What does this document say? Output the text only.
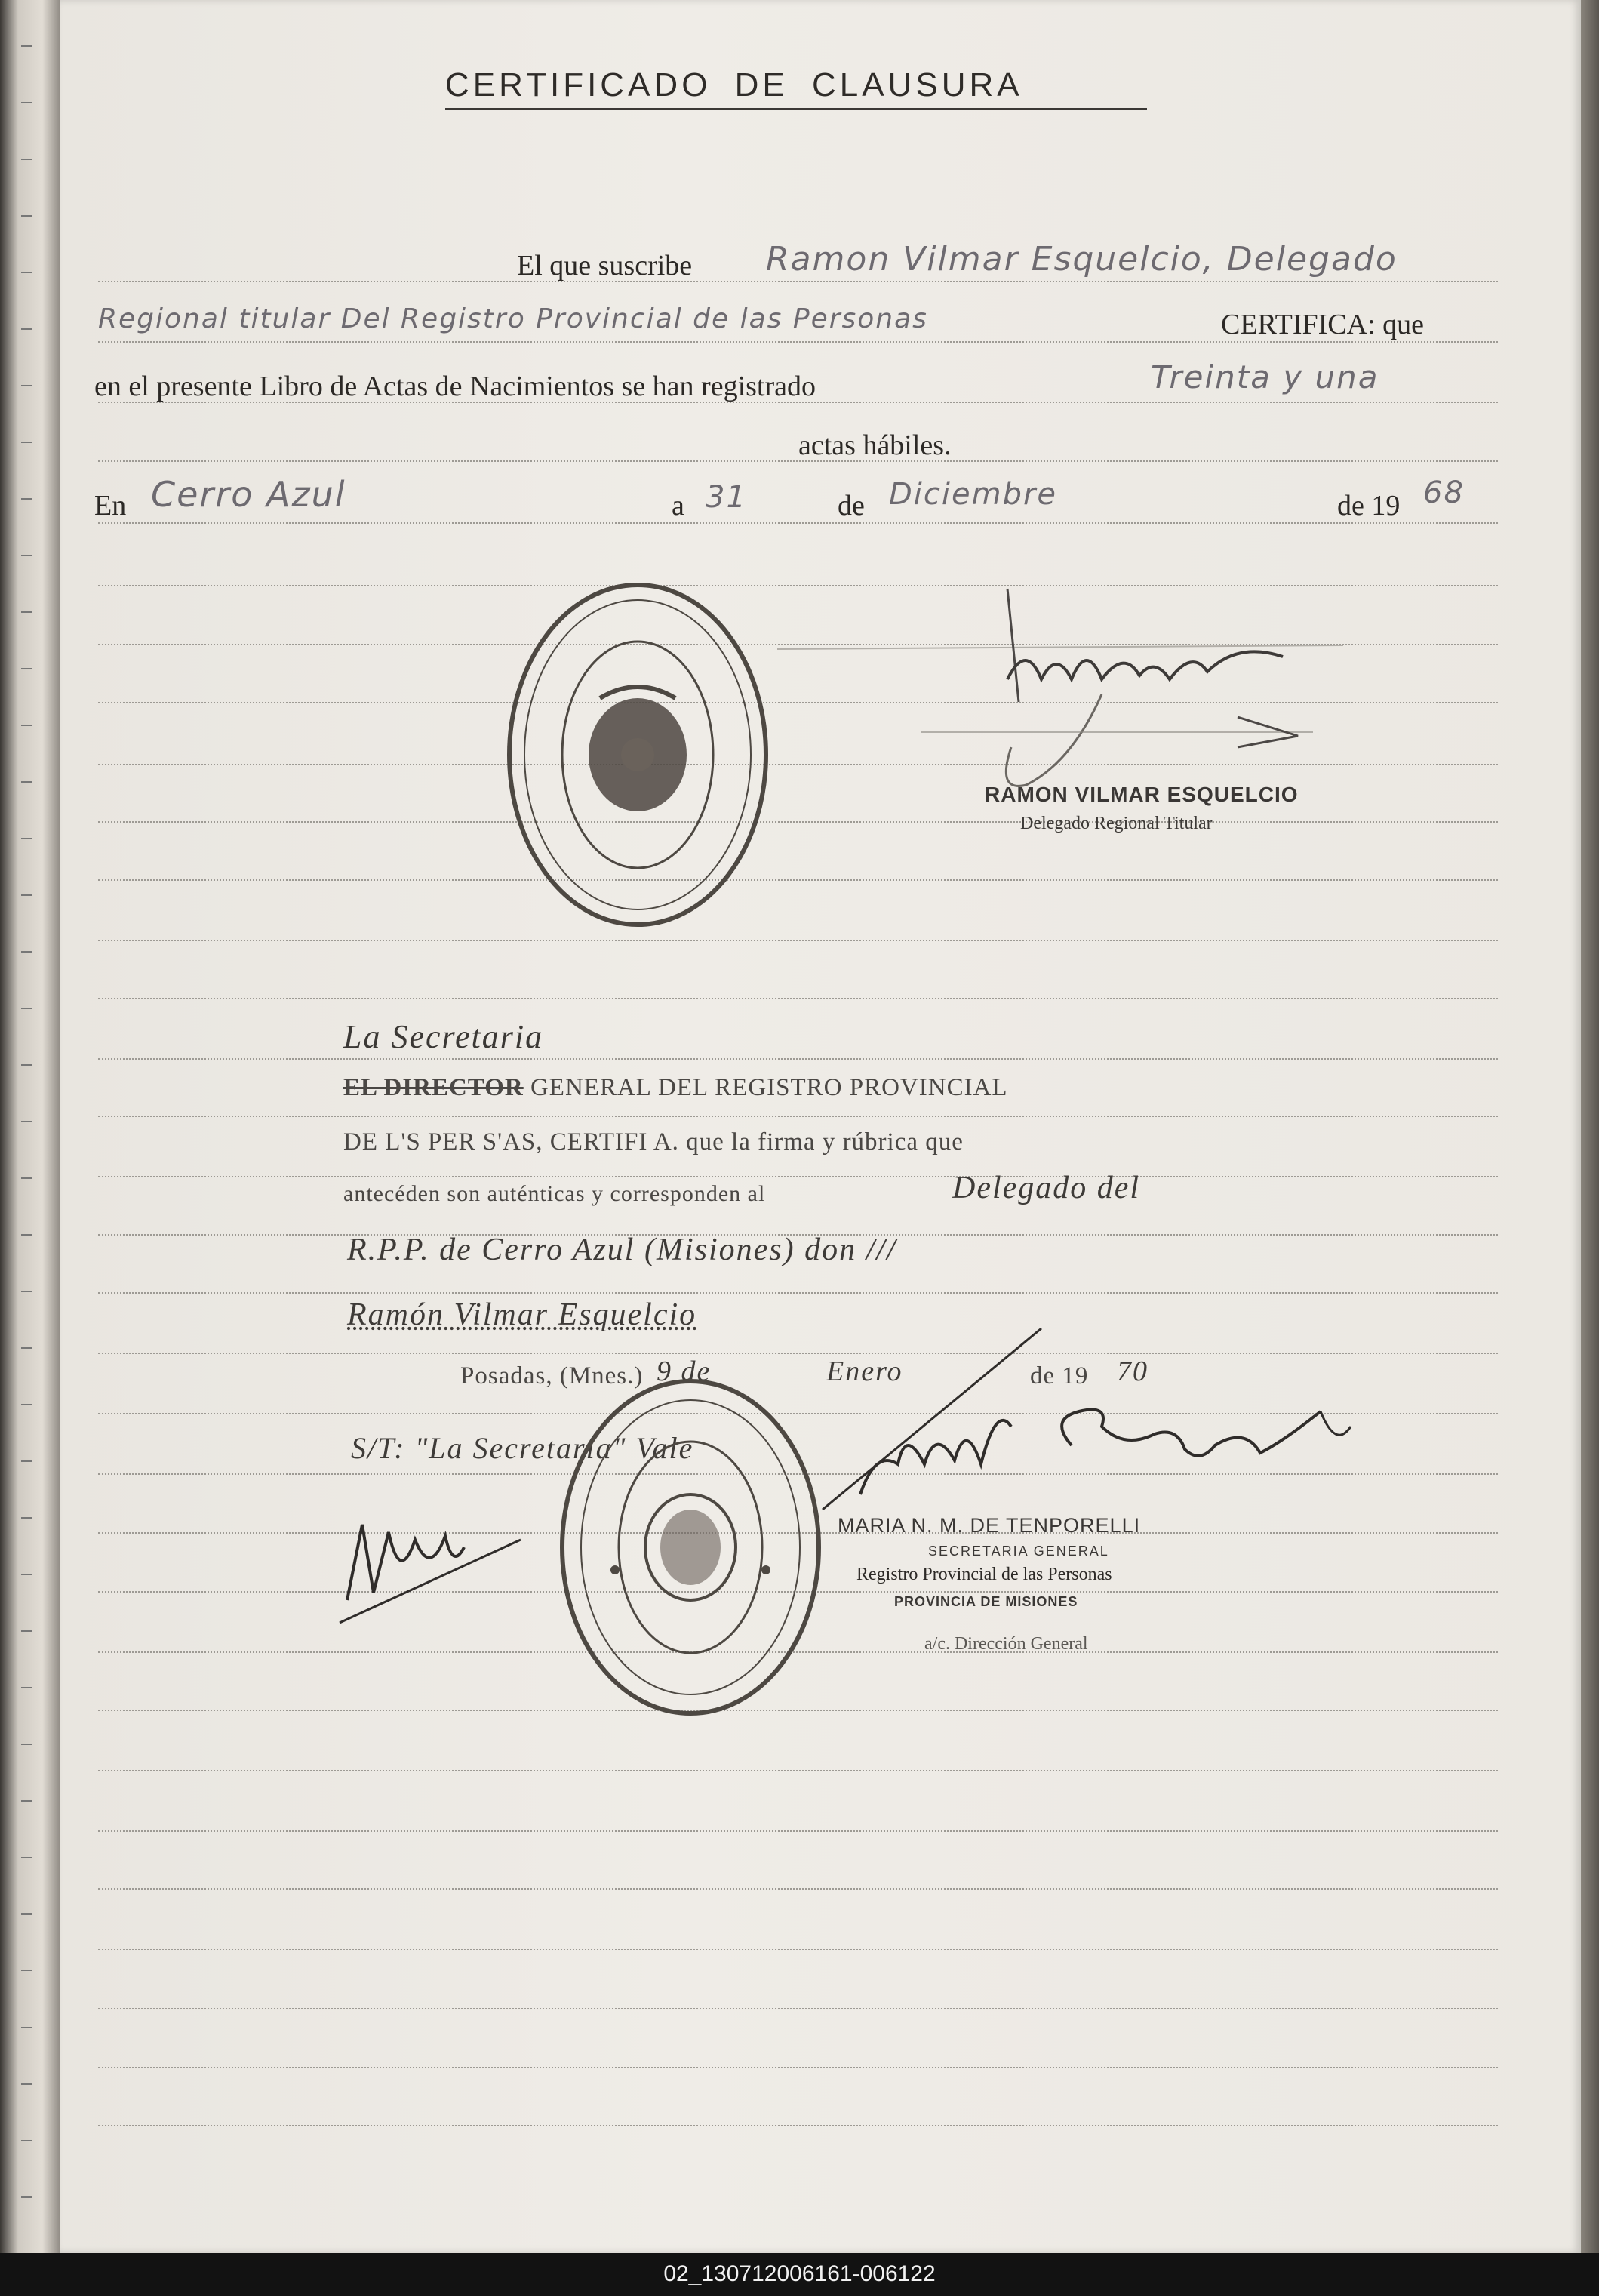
CERTIFICADO DE CLAUSURA
El que suscribe Ramon Vilmar Esquelcio, Delegado
Regional titular Del Registro Provincial de las Personas	CERTIFICA: que
en el presente Libro de Actas de Nacimientos se han registrado	Treinta y una
actas hábiles.
En Cerro Azul	a 31	de Diciembre	de 19 68
RAMON VILMAR ESQUELCIO
Delegado Regional Titular
La Secretaria
EL DIRECTOR GENERAL DEL REGISTRO PROVINCIAL
DE L'S PER S'AS, CERTIFI A. que la firma y rúbrica que
antecéden son auténticas y corresponden al	Delegado del
R.P.P. de Cerro Azul (Misiones) don ///
Ramón Vilmar Esquelcio
Posadas, (Mnes.) 9 de	Enero	de 19 70
S/T: "La Secretaria" Vale
MARIA N. M. DE TENPORELLI
SECRETARIA GENERAL
Registro Provincial de las Personas
PROVINCIA DE MISIONES
a/c. Dirección General
02_130712006161-006122
